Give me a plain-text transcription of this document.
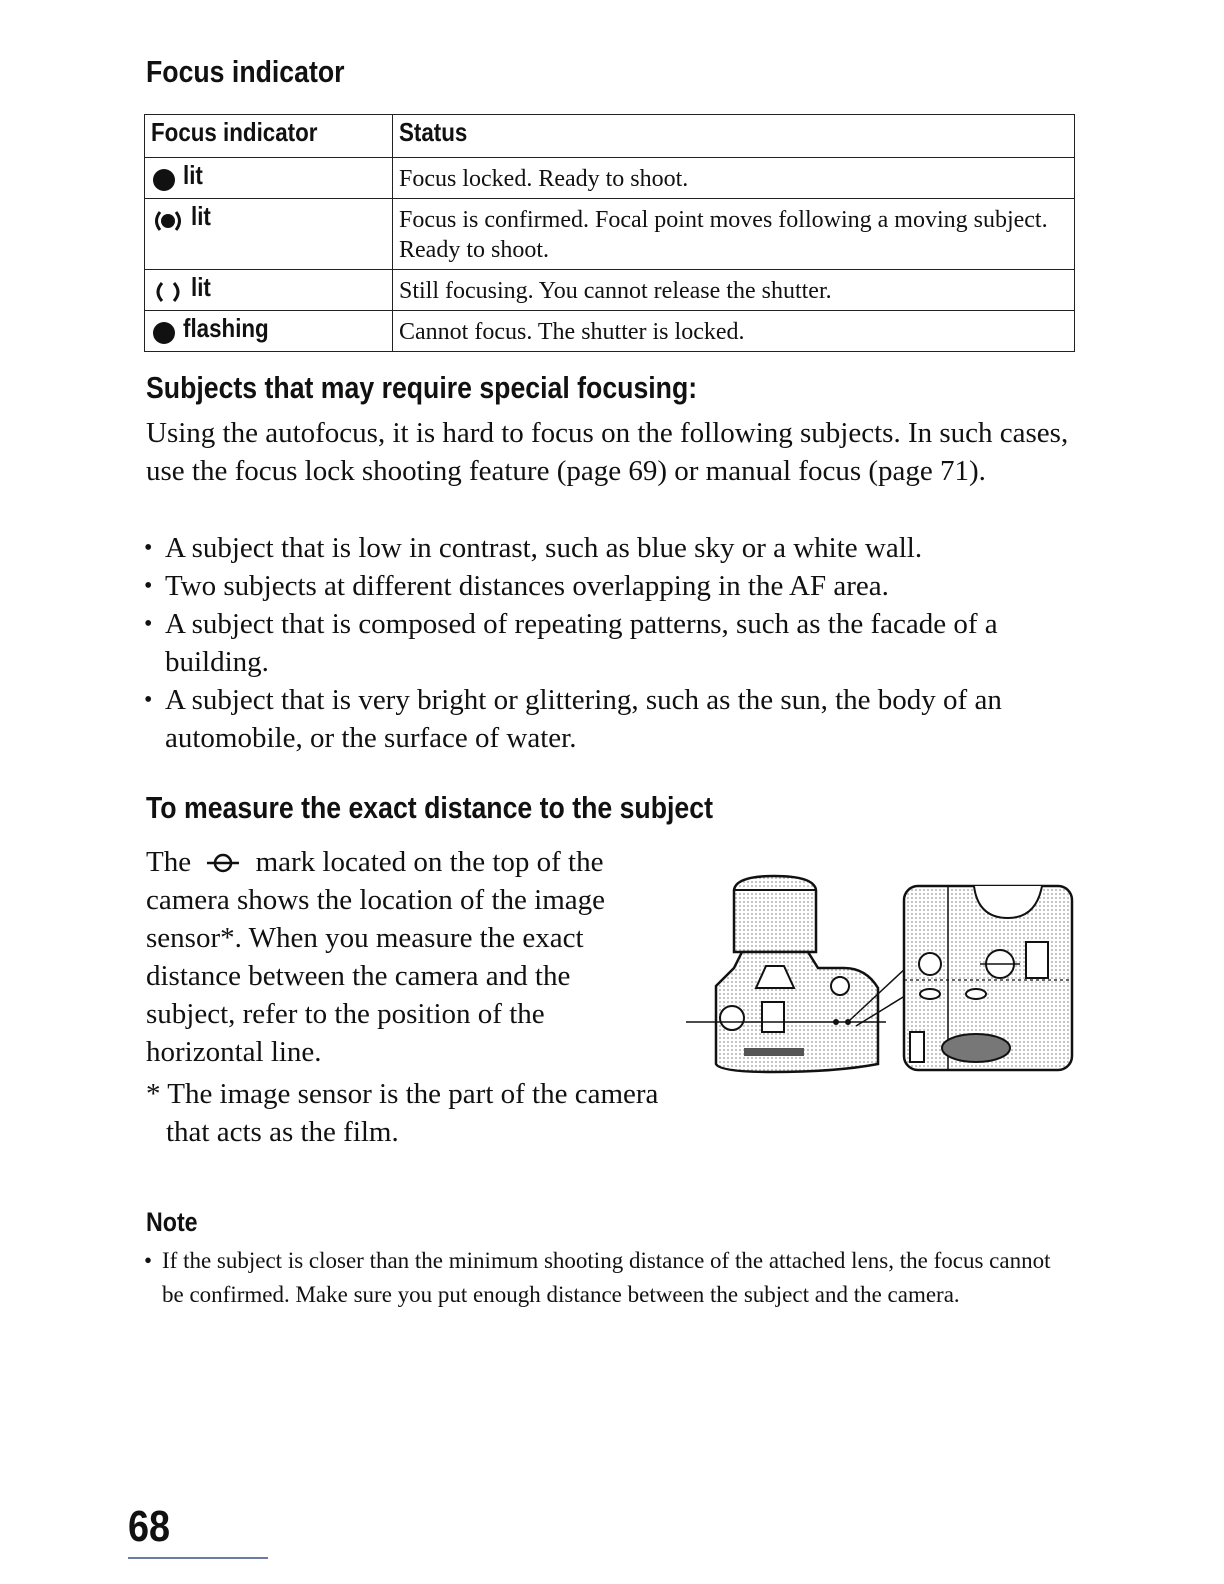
Focus indicator
Focus indicator	Status
lit	Focus locked. Ready to shoot.
lit	Focus is confirmed. Focal point moves following a moving subject. Ready to shoot.
lit	Still focusing. You cannot release the shutter.
flashing	Cannot focus. The shutter is locked.
Subjects that may require special focusing:

Using the autofocus, it is hard to focus on the following subjects. In such cases, use the focus lock shooting feature (page 69) or manual focus (page 71).

• A subject that is low in contrast, such as blue sky or a white wall.
• Two subjects at different distances overlapping in the AF area.
• A subject that is composed of repeating patterns, such as the facade of a building.
• A subject that is very bright or glittering, such as the sun, the body of an automobile, or the surface of water.
To measure the exact distance to the subject

The mark located on the top of the camera shows the location of the image sensor*. When you measure the exact distance between the camera and the subject, refer to the position of the horizontal line.

* The image sensor is the part of the camera that acts as the film.

Note
• If the subject is closer than the minimum shooting distance of the attached lens, the focus cannot be confirmed. Make sure you put enough distance between the subject and the camera.

68
